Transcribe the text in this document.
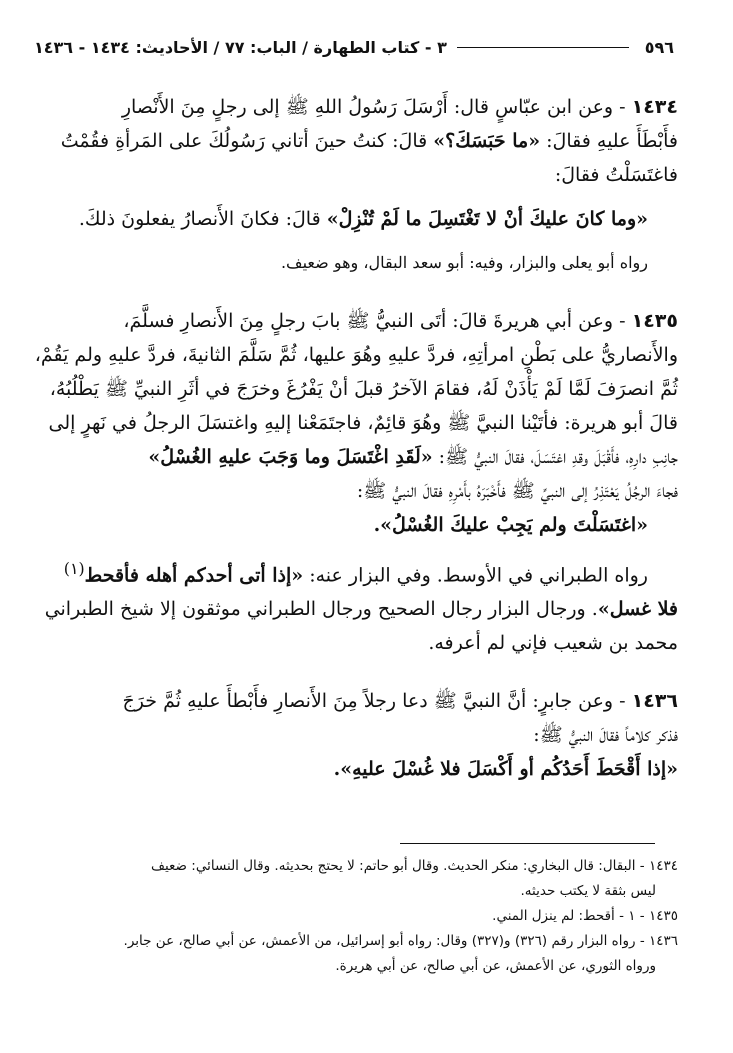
٥٩٦
٣ - كتاب الطهارة / الباب: ٧٧ / الأحاديث: ١٤٣٤ - ١٤٣٦

١٤٣٤ - وعن ابن عبّاسٍ قال: أَرْسَلَ رَسُولُ اللهِ ﷺ إلى رجلٍ مِنَ الأَنْصارِ

فأَبْطَأَ عليهِ فقالَ: «ما حَبَسَكَ؟» قالَ: كنتُ حينَ أتاني رَسُولُكَ على المَرأةِ فقُمْتُ

فاغتَسَلْتُ فقالَ:

«وما كانَ عليكَ أنْ لا تَغْتَسِلَ ما لَمْ تُنْزِلْ» قالَ: فكانَ الأَنصارُ يفعلونَ ذلكَ.

رواه أبو يعلى والبزار، وفيه: أبو سعد البقال، وهو ضعيف.

١٤٣٥ - وعن أبي هريرةَ قالَ: أتَى النبيُّ ﷺ بابَ رجلٍ مِنَ الأَنصارِ فسلَّمَ،

والأَنصاريُّ على بَطْنِ امرأتِهِ، فردَّ عليهِ وهُوَ عليها، ثُمَّ سَلَّمَ الثانيةَ، فردَّ عليهِ ولم يَقُمْ،

ثُمَّ انصرَفَ لَمَّا لَمْ يَأْذَنْ لَهُ، فقامَ الآخرُ قبلَ أنْ يَفْرُغَ وخرَجَ في أثَرِ النبيِّ ﷺ يَطْلُبُهُ،

قالَ أبو هريرة: فأتَيْنا النبيَّ ﷺ وهُوَ قائِمٌ، فاجتَمَعْنا إليهِ واغتسَلَ الرجلُ في نَهرٍ إلى

جانِبِ دارِهِ، فأَقْبَلَ وقدِ اغتَسَلَ، فقالَ النبيُّ ﷺ: «لَقَدِ اغْتَسَلَ وما وَجَبَ عليهِ الغُسْلُ»

فجاءَ الرجُلُ يَعْتَذِرُ إلى النبيِّ ﷺ فأَخْبَرَهُ بأَمْرِهِ فقالَ النبيُّ ﷺ:

«اغتَسَلْتَ ولم يَجِبْ عليكَ الغُسْلُ».

رواه الطبراني في الأوسط. وفي البزار عنه: «إذا أتى أحدكم أهله فأقحط$^{(١)}$

فلا غسل». ورجال البزار رجال الصحيح ورجال الطبراني موثقون إلا شيخ الطبراني

محمد بن شعيب فإني لم أعرفه.

١٤٣٦ - وعن جابرٍ: أنَّ النبيَّ ﷺ دعا رجلاً مِنَ الأَنصارِ فأَبْطأَ عليهِ ثُمَّ خرَجَ

فذكر كلاماً فقالَ النبيُّ ﷺ:

«إذا أَقْحَطَ أَحَدُكُم أو أَكْسَلَ فلا غُسْلَ عليهِ».

١٤٣٤ - البقال: قال البخاري: منكر الحديث. وقال أبو حاتم: لا يحتج بحديثه. وقال النسائي: ضعيف

ليس بثقة لا يكتب حديثه.

١٤٣٥ - ١ - أقحط: لم ينزل المني.

١٤٣٦ - رواه البزار رقم (٣٢٦) و(٣٢٧) وقال: رواه أبو إسرائيل، من الأعمش، عن أبي صالح، عن جابر.

ورواه الثوري، عن الأعمش، عن أبي صالح، عن أبي هريرة.
